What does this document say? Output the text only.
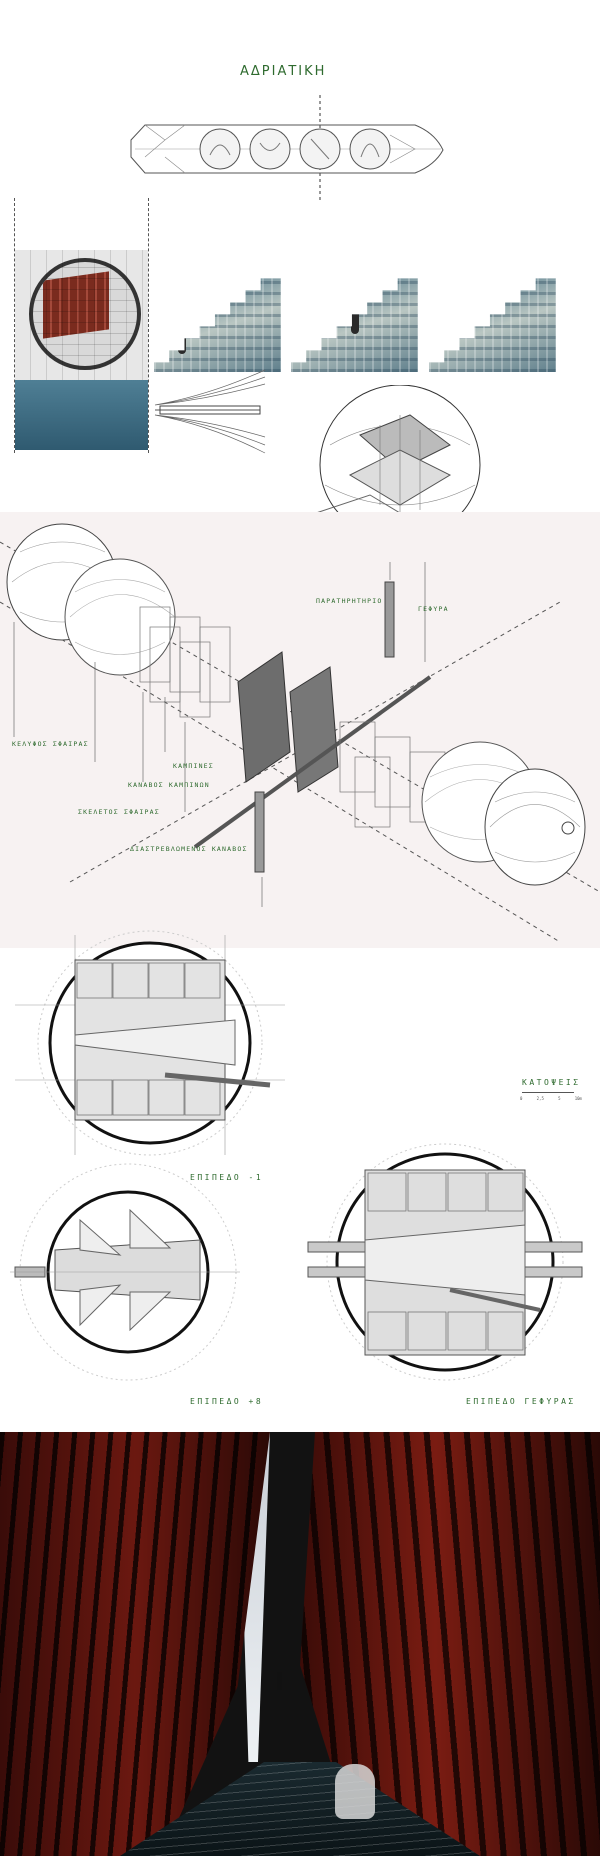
ΑΔΡΙΑΤΙΚΗ
ΠΑΡΑΤΗΡΗΤΗΡΙΟ
ΓΕΦΥΡΑ
ΚΕΛΥΦΟΣ ΣΦΑΙΡΑΣ
ΚΑΜΠΙΝΕΣ
ΚΑΝΑΒΟΣ ΚΑΜΠΙΝΩΝ
ΣΚΕΛΕΤΟΣ ΣΦΑΙΡΑΣ
ΔΙΑΣΤΡΕΒΛΩΜΕΝΟΣ ΚΑΝΑΒΟΣ
ΚΑΤΟΨΕΙΣ
0	2,5	5	10m
ΕΠΙΠΕΔΟ -1
ΕΠΙΠΕΔΟ +8	ΕΠΙΠΕΔΟ ΓΕΦΥΡΑΣ
